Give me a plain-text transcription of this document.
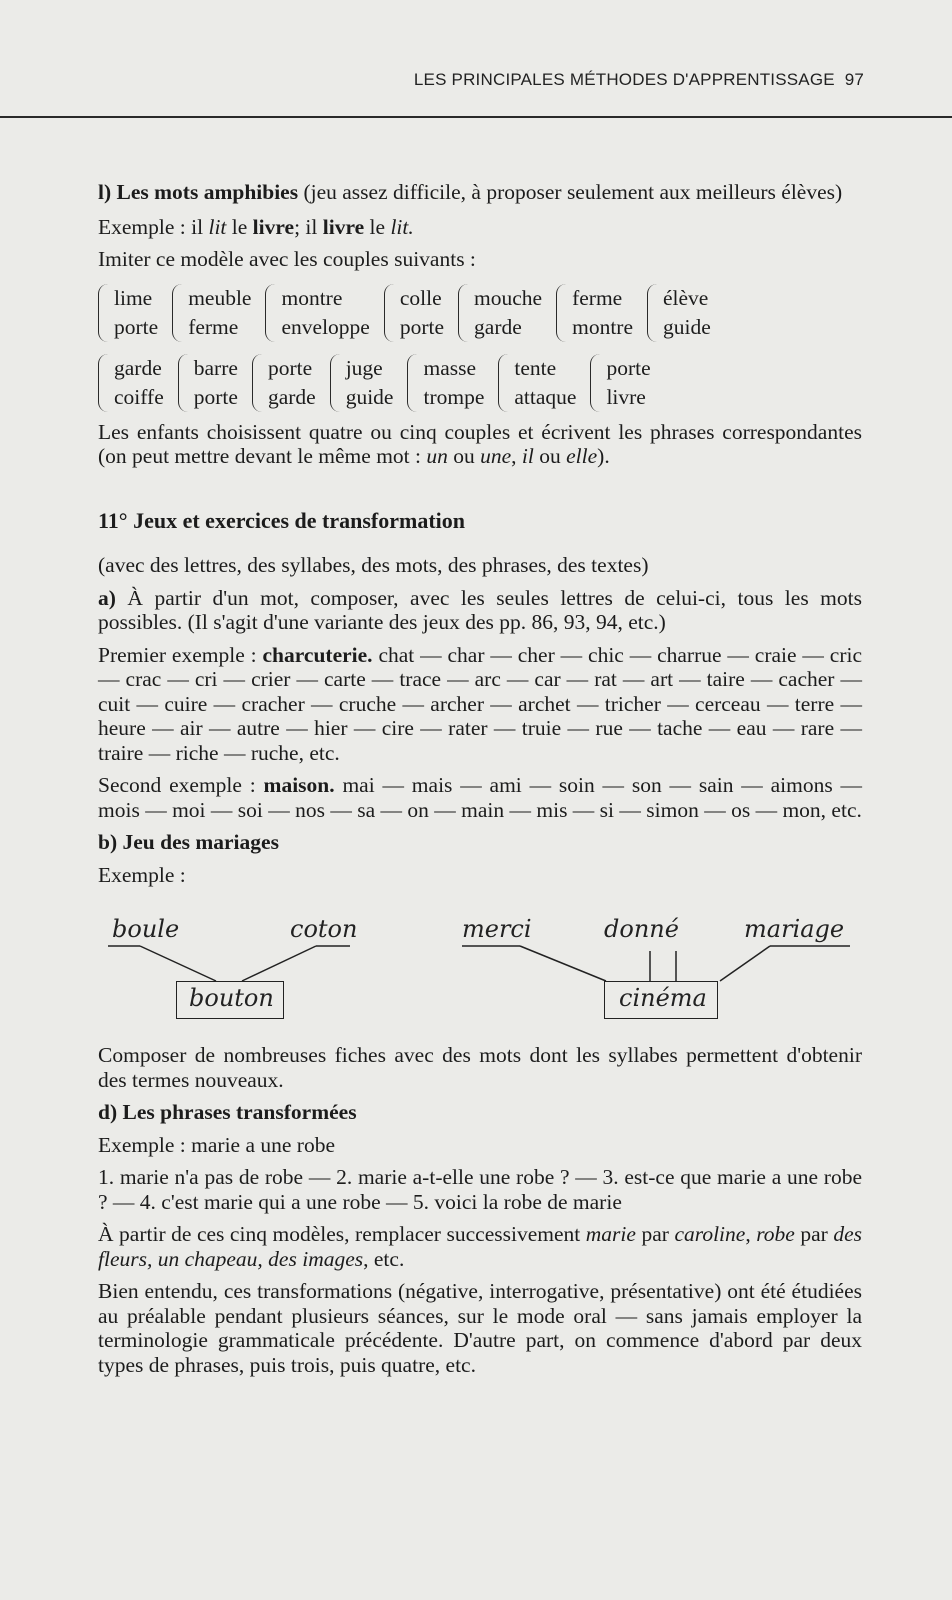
LES PRINCIPALES MÉTHODES D'APPRENTISSAGE 97

l) Les mots amphibies (jeu assez difficile, à proposer seulement aux meilleurs élèves)

Exemple : il lit le livre; il livre le lit.

Imiter ce modèle avec les couples suivants :

lime
porte
meuble
ferme
montre
enveloppe
colle
porte
mouche
garde
ferme
montre
élève
guide
garde
coiffe
barre
porte
porte
garde
juge
guide
masse
trompe
tente
attaque
porte
livre

Les enfants choisissent quatre ou cinq couples et écrivent les phrases correspondantes (on peut mettre devant le même mot : un ou une, il ou elle).

11° Jeux et exercices de transformation

(avec des lettres, des syllabes, des mots, des phrases, des textes)

a) À partir d'un mot, composer, avec les seules lettres de celui-ci, tous les mots possibles. (Il s'agit d'une variante des jeux des pp. 86, 93, 94, etc.)

Premier exemple : charcuterie. chat — char — cher — chic — charrue — craie — cric — crac — cri — crier — carte — trace — arc — car — rat — art — taire — cacher — cuit — cuire — cracher — cruche — archer — archet — tricher — cerceau — terre — heure — air — autre — hier — cire — rater — truie — rue — tache — eau — rare — traire — riche — ruche, etc.

Second exemple : maison. mai — mais — ami — soin — son — sain — aimons — mois — moi — soi — nos — sa — on — main — mis — si — simon — os — mon, etc.

b) Jeu des mariages

Exemple :

boule	coton
bouton
merci	donné	mariage
cinéma

Composer de nombreuses fiches avec des mots dont les syllabes permettent d'obtenir des termes nouveaux.

d) Les phrases transformées

Exemple : marie a une robe

1. marie n'a pas de robe — 2. marie a-t-elle une robe ? — 3. est-ce que marie a une robe ? — 4. c'est marie qui a une robe — 5. voici la robe de marie

À partir de ces cinq modèles, remplacer successivement marie par caroline, robe par des fleurs, un chapeau, des images, etc.

Bien entendu, ces transformations (négative, interrogative, présentative) ont été étudiées au préalable pendant plusieurs séances, sur le mode oral — sans jamais employer la terminologie grammaticale précédente. D'autre part, on commence d'abord par deux types de phrases, puis trois, puis quatre, etc.
